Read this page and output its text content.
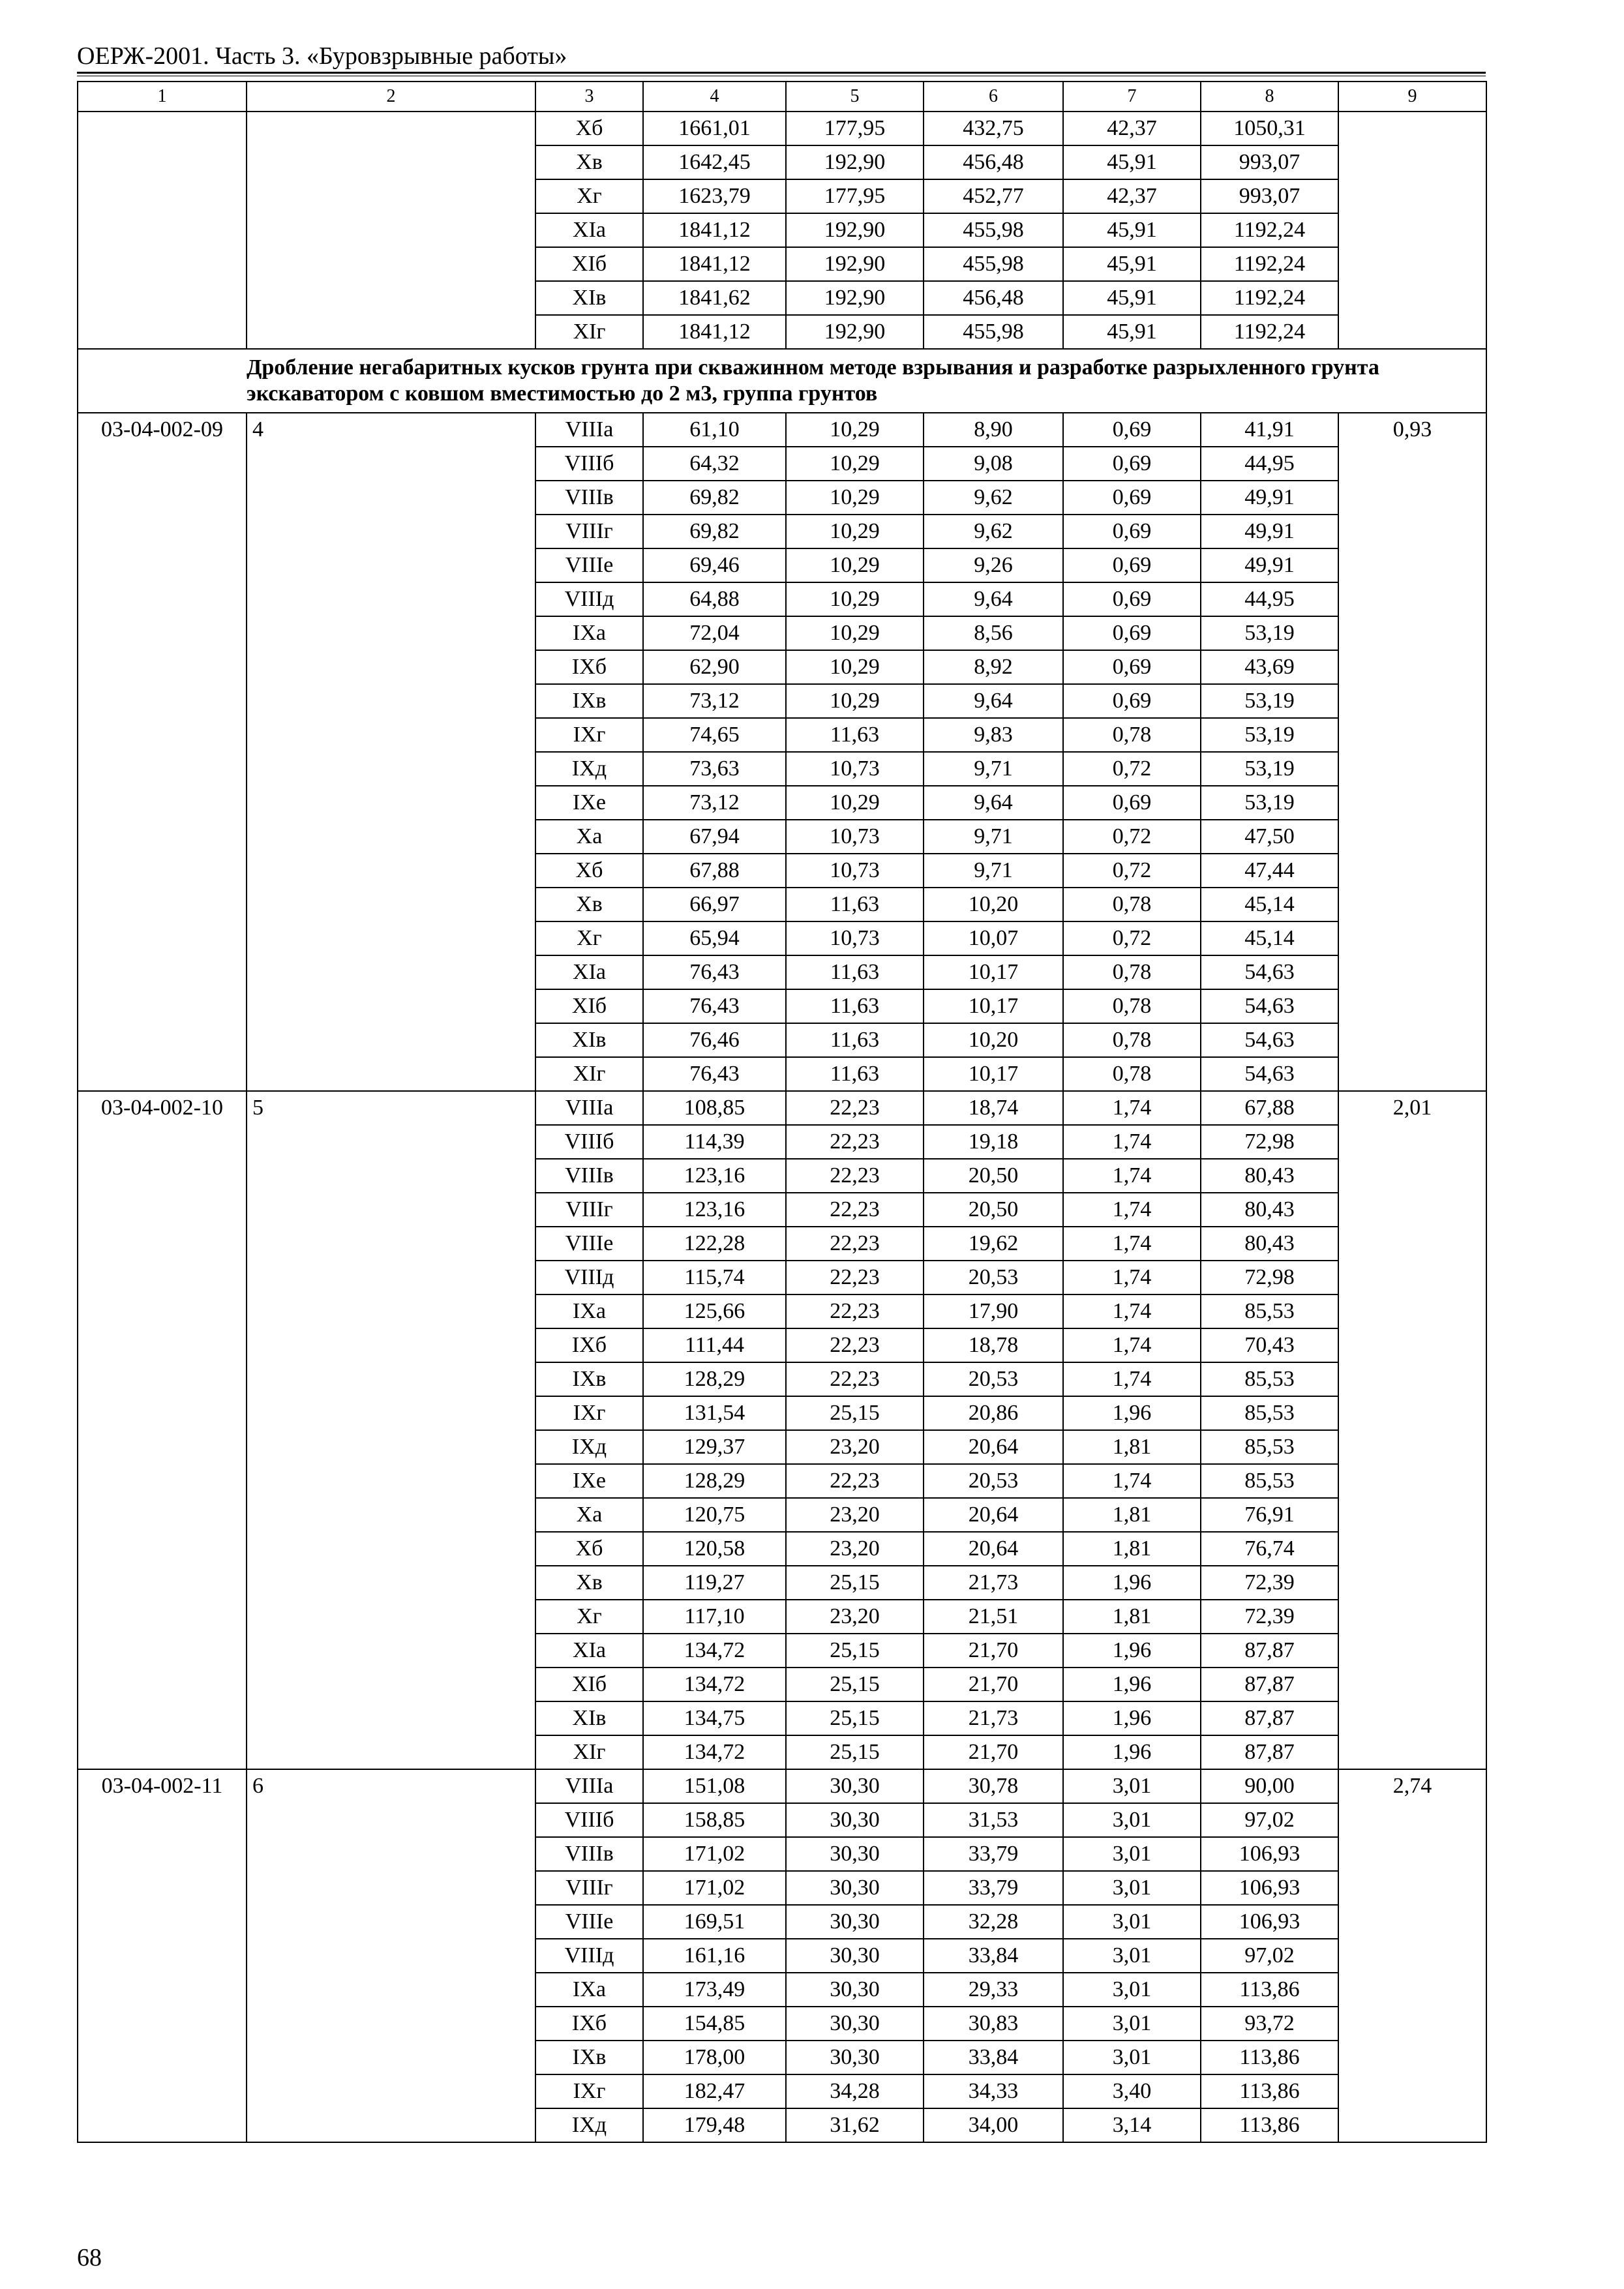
ОЕРЖ-2001. Часть 3. «Буровзрывные работы»
1	2	3	4	5	6	7	8	9
		Xб	1661,01	177,95	432,75	42,37	1050,31	
		Xв	1642,45	192,90	456,48	45,91	993,07	
		Xг	1623,79	177,95	452,77	42,37	993,07	
		XIа	1841,12	192,90	455,98	45,91	1192,24	
		XIб	1841,12	192,90	455,98	45,91	1192,24	
		XIв	1841,62	192,90	456,48	45,91	1192,24	
		XIг	1841,12	192,90	455,98	45,91	1192,24	
	Дробление негабаритных кусков грунта при скважинном методе взрывания и разработке разрыхленного грунта экскаватором с ковшом вместимостью до 2 м3, группа грунтов							
03-04-002-09	4	VIIIа	61,10	10,29	8,90	0,69	41,91	0,93
		VIIIб	64,32	10,29	9,08	0,69	44,95	
		VIIIв	69,82	10,29	9,62	0,69	49,91	
		VIIIг	69,82	10,29	9,62	0,69	49,91	
		VIIIе	69,46	10,29	9,26	0,69	49,91	
		VIIIд	64,88	10,29	9,64	0,69	44,95	
		IXа	72,04	10,29	8,56	0,69	53,19	
		IXб	62,90	10,29	8,92	0,69	43,69	
		IXв	73,12	10,29	9,64	0,69	53,19	
		IXг	74,65	11,63	9,83	0,78	53,19	
		IXд	73,63	10,73	9,71	0,72	53,19	
		IXе	73,12	10,29	9,64	0,69	53,19	
		Xа	67,94	10,73	9,71	0,72	47,50	
		Xб	67,88	10,73	9,71	0,72	47,44	
		Xв	66,97	11,63	10,20	0,78	45,14	
		Xг	65,94	10,73	10,07	0,72	45,14	
		XIа	76,43	11,63	10,17	0,78	54,63	
		XIб	76,43	11,63	10,17	0,78	54,63	
		XIв	76,46	11,63	10,20	0,78	54,63	
		XIг	76,43	11,63	10,17	0,78	54,63	
03-04-002-10	5	VIIIа	108,85	22,23	18,74	1,74	67,88	2,01
		VIIIб	114,39	22,23	19,18	1,74	72,98	
		VIIIв	123,16	22,23	20,50	1,74	80,43	
		VIIIг	123,16	22,23	20,50	1,74	80,43	
		VIIIе	122,28	22,23	19,62	1,74	80,43	
		VIIIд	115,74	22,23	20,53	1,74	72,98	
		IXа	125,66	22,23	17,90	1,74	85,53	
		IXб	111,44	22,23	18,78	1,74	70,43	
		IXв	128,29	22,23	20,53	1,74	85,53	
		IXг	131,54	25,15	20,86	1,96	85,53	
		IXд	129,37	23,20	20,64	1,81	85,53	
		IXе	128,29	22,23	20,53	1,74	85,53	
		Xа	120,75	23,20	20,64	1,81	76,91	
		Xб	120,58	23,20	20,64	1,81	76,74	
		Xв	119,27	25,15	21,73	1,96	72,39	
		Xг	117,10	23,20	21,51	1,81	72,39	
		XIа	134,72	25,15	21,70	1,96	87,87	
		XIб	134,72	25,15	21,70	1,96	87,87	
		XIв	134,75	25,15	21,73	1,96	87,87	
		XIг	134,72	25,15	21,70	1,96	87,87	
03-04-002-11	6	VIIIа	151,08	30,30	30,78	3,01	90,00	2,74
		VIIIб	158,85	30,30	31,53	3,01	97,02	
		VIIIв	171,02	30,30	33,79	3,01	106,93	
		VIIIг	171,02	30,30	33,79	3,01	106,93	
		VIIIе	169,51	30,30	32,28	3,01	106,93	
		VIIIд	161,16	30,30	33,84	3,01	97,02	
		IXа	173,49	30,30	29,33	3,01	113,86	
		IXб	154,85	30,30	30,83	3,01	93,72	
		IXв	178,00	30,30	33,84	3,01	113,86	
		IXг	182,47	34,28	34,33	3,40	113,86	
		IXд	179,48	31,62	34,00	3,14	113,86	
68
